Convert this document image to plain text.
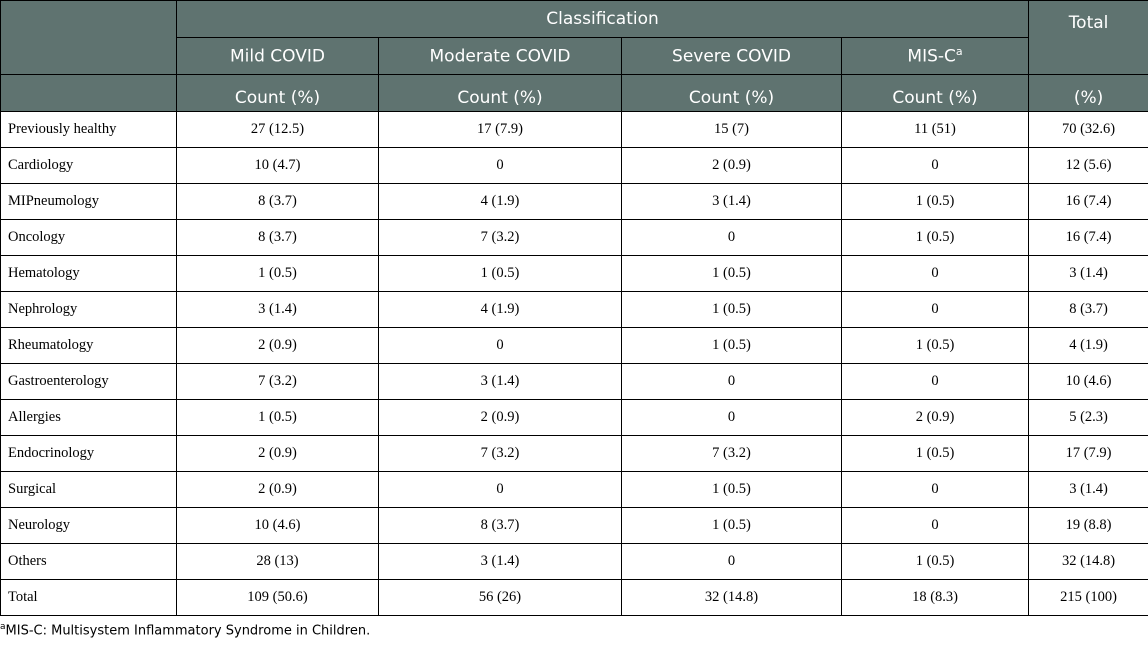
	Classification				Total
	Mild COVID	Moderate COVID	Severe COVID	MIS-$C^a$
	Count (%)	Count (%)	Count (%)	Count (%)	(%)
Previously healthy	27 (12.5)	17 (7.9)	15 (7)	11 (51)	70 (32.6)
Cardiology	10 (4.7)	0	2 (0.9)	0	12 (5.6)
MIPneumology	8 (3.7)	4 (1.9)	3 (1.4)	1 (0.5)	16 (7.4)
Oncology	8 (3.7)	7 (3.2)	0	1 (0.5)	16 (7.4)
Hematology	1 (0.5)	1 (0.5)	1 (0.5)	0	3 (1.4)
Nephrology	3 (1.4)	4 (1.9)	1 (0.5)	0	8 (3.7)
Rheumatology	2 (0.9)	0	1 (0.5)	1 (0.5)	4 (1.9)
Gastroenterology	7 (3.2)	3 (1.4)	0	0	10 (4.6)
Allergies	1 (0.5)	2 (0.9)	0	2 (0.9)	5 (2.3)
Endocrinology	2 (0.9)	7 (3.2)	7 (3.2)	1 (0.5)	17 (7.9)
Surgical	2 (0.9)	0	1 (0.5)	0	3 (1.4)
Neurology	10 (4.6)	8 (3.7)	1 (0.5)	0	19 (8.8)
Others	28 (13)	3 (1.4)	0	1 (0.5)	32 (14.8)
Total	109 (50.6)	56 (26)	32 (14.8)	18 (8.3)	215 (100)
$^a$MIS-C: Multisystem Inflammatory Syndrome in Children.
